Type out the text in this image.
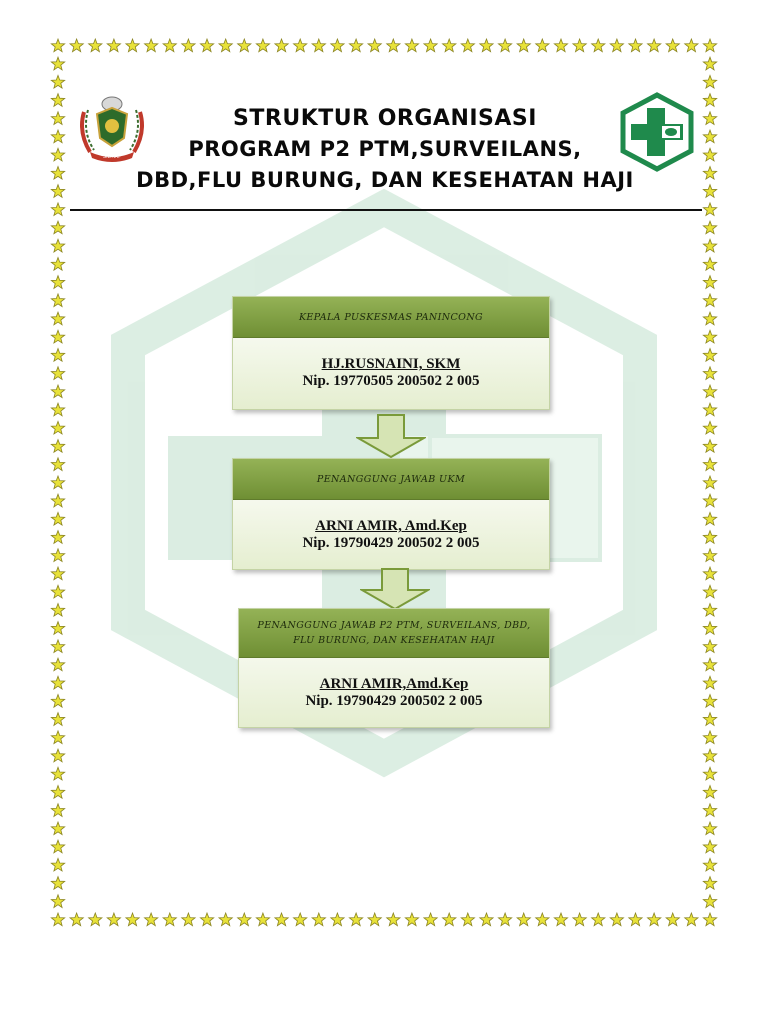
SIDRAP
STRUKTUR ORGANISASI
PROGRAM P2 PTM,SURVEILANS,
DBD,FLU BURUNG, DAN KESEHATAN HAJI
KEPALA PUSKESMAS PANINCONG
HJ.RUSNAINI, SKM
Nip. 19770505 200502 2 005
PENANGGUNG JAWAB UKM
ARNI AMIR, Amd.Kep
Nip. 19790429 200502 2 005
PENANGGUNG JAWAB P2 PTM, SURVEILANS, DBD, FLU BURUNG, DAN KESEHATAN HAJI
ARNI AMIR,Amd.Kep
Nip. 19790429 200502 2 005
